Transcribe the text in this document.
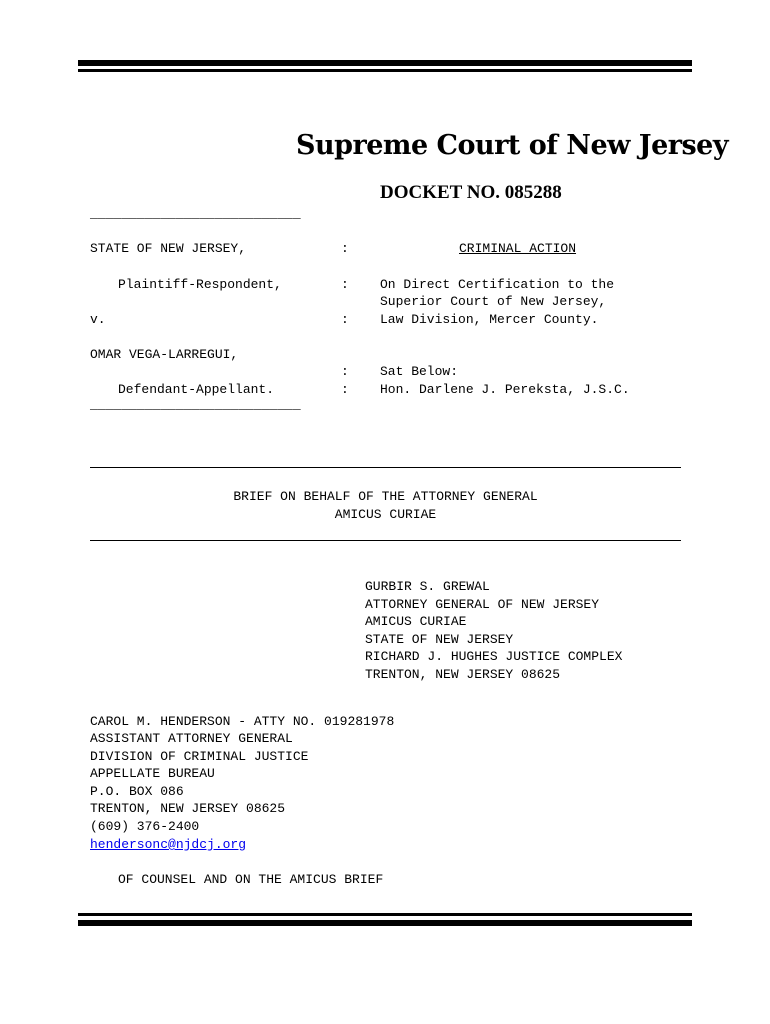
Supreme Court of New Jersey
DOCKET NO. 085288
___________________________
STATE OF NEW JERSEY,
Plaintiff-Respondent,
v.
OMAR VEGA-LARREGUI,
Defendant-Appellant.
___________________________
:
:
:
:
:
CRIMINAL ACTION
On Direct Certification to the
Superior Court of New Jersey,
Law Division, Mercer County.
Sat Below:
Hon. Darlene J. Pereksta, J.S.C.
BRIEF ON BEHALF OF THE ATTORNEY GENERAL
AMICUS CURIAE
GURBIR S. GREWAL
ATTORNEY GENERAL OF NEW JERSEY
AMICUS CURIAE
STATE OF NEW JERSEY
RICHARD J. HUGHES JUSTICE COMPLEX
TRENTON, NEW JERSEY 08625
CAROL M. HENDERSON - ATTY NO. 019281978
ASSISTANT ATTORNEY GENERAL
DIVISION OF CRIMINAL JUSTICE
APPELLATE BUREAU
P.O. BOX 086
TRENTON, NEW JERSEY 08625
(609) 376-2400
hendersonc@njdcj.org
OF COUNSEL AND ON THE AMICUS BRIEF
